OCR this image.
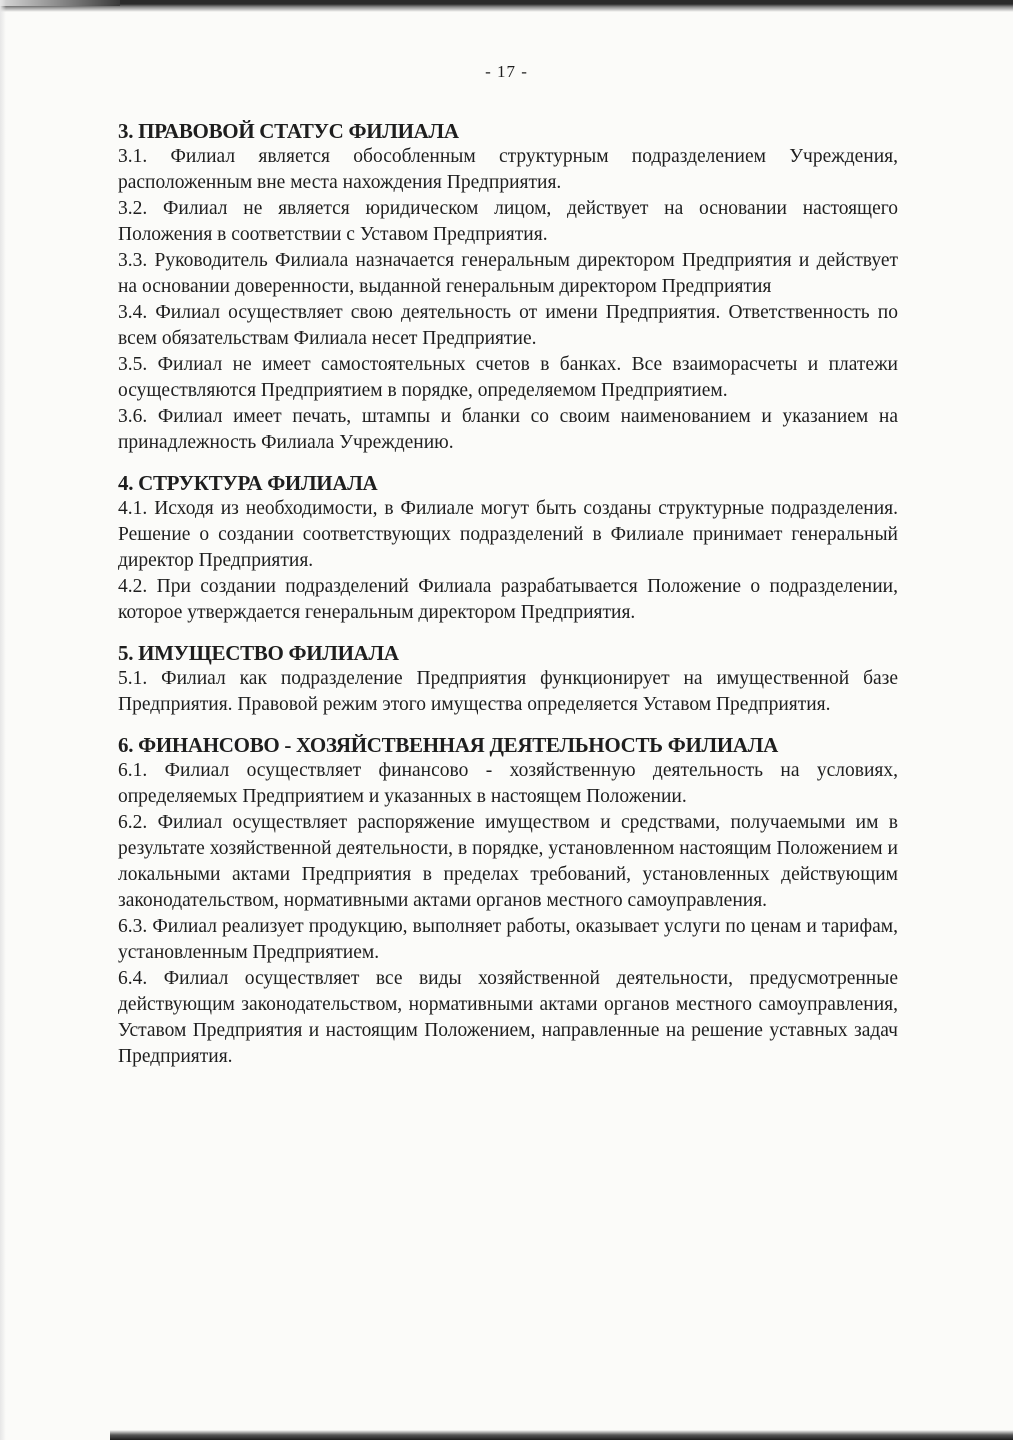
- 17 -
3. ПРАВОВОЙ СТАТУС ФИЛИАЛА

3.1. Филиал является обособленным структурным подразделением Учреждения, расположенным вне места нахождения Предприятия.

3.2. Филиал не является юридическом лицом, действует на основании настоящего Положения в соответствии с Уставом Предприятия.

3.3. Руководитель Филиала назначается генеральным директором Предприятия и действует на основании доверенности, выданной генеральным директором Предприятия

3.4. Филиал осуществляет свою деятельность от имени Предприятия. Ответственность по всем обязательствам Филиала несет Предприятие.

3.5. Филиал не имеет самостоятельных счетов в банках. Все взаиморасчеты и платежи осуществляются Предприятием в порядке, определяемом Предприятием.

3.6. Филиал имеет печать, штампы и бланки со своим наименованием и указанием на принадлежность Филиала Учреждению.

4. СТРУКТУРА ФИЛИАЛА

4.1. Исходя из необходимости, в Филиале могут быть созданы структурные подразделения. Решение о создании соответствующих подразделений в Филиале принимает генеральный директор Предприятия.

4.2. При создании подразделений Филиала разрабатывается Положение о подразделении, которое утверждается генеральным директором Предприятия.

5. ИМУЩЕСТВО ФИЛИАЛА

5.1. Филиал как подразделение Предприятия функционирует на имущественной базе Предприятия. Правовой режим этого имущества определяется Уставом Предприятия.

6. ФИНАНСОВО - ХОЗЯЙСТВЕННАЯ ДЕЯТЕЛЬНОСТЬ ФИЛИАЛА

6.1. Филиал осуществляет финансово - хозяйственную деятельность на условиях, определяемых Предприятием и указанных в настоящем Положении.

6.2. Филиал осуществляет распоряжение имуществом и средствами, получаемыми им в результате хозяйственной деятельности, в порядке, установленном настоящим Положением и локальными актами Предприятия в пределах требований, установленных действующим законодательством, нормативными актами органов местного самоуправления.

6.3. Филиал реализует продукцию, выполняет работы, оказывает услуги по ценам и тарифам, установленным Предприятием.

6.4. Филиал осуществляет все виды хозяйственной деятельности, предусмотренные действующим законодательством, нормативными актами органов местного самоуправления, Уставом Предприятия и настоящим Положением, направленные на решение уставных задач Предприятия.
